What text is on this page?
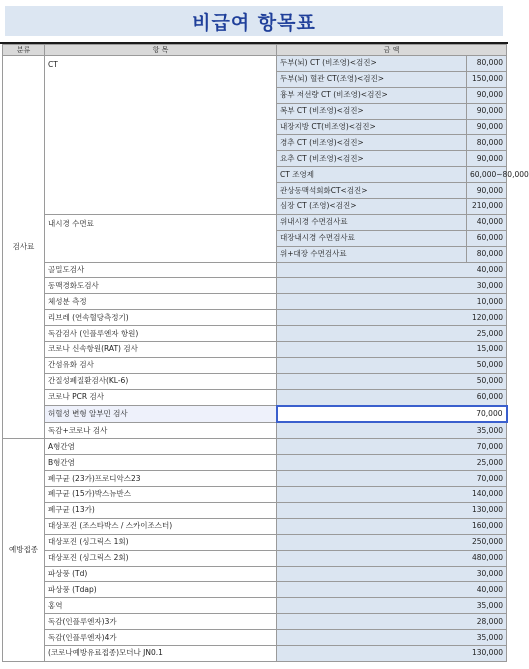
비급여 항목표
분류	항 목	금 액	
검사료	CT	두부(뇌) CT (비조영)<검진>	80,000
		두부(뇌) 혈관 CT(조영)<검진>	150,000
		흉부 저선량 CT (비조영)<검진>	90,000
		복부 CT (비조영)<검진>	90,000
		내장지방 CT(비조영)<검진>	90,000
		경추 CT (비조영)<검진>	80,000
		요추 CT (비조영)<검진>	90,000
		CT 조영제	60,000~80,000
		관상동맥석회화CT<검진>	90,000
		심장 CT (조영)<검진>	210,000
	내시경 수면료	위내시경 수면검사료	40,000
		대장내시경 수면검사료	60,000
		위+대장 수면검사료	80,000
	골밀도검사	40,000	
	동맥경화도검사	30,000	
	체성분 측정	10,000	
	리브레 (연속혈당측정기)	120,000	
	독감검사 (인플루엔자 항원)	25,000	
	코로나 신속항원(RAT) 검사	15,000	
	간섬유화 검사	50,000	
	간질성폐질환검사(KL-6)	50,000	
	코로나 PCR 검사	60,000	
	허혈성 변형 알부민 검사	70,000	
	독감+코로나 검사	35,000	
예방접종	A형간염	70,000	
	B형간염	25,000	
	폐구균 (23가)프로디악스23	70,000	
	폐구균 (15가)박스뉴반스	140,000	
	폐구균 (13가)	130,000	
	대상포진 (조스타박스 / 스카이조스터)	160,000	
	대상포진 (싱그릭스 1회)	250,000	
	대상포진 (싱그릭스 2회)	480,000	
	파상풍 (Td)	30,000	
	파상풍 (Tdap)	40,000	
	홍역	35,000	
	독감(인플루엔자)3가	28,000	
	독감(인플루엔자)4가	35,000	
	(코로나예방유료접종)모더나 JN0.1	130,000	
